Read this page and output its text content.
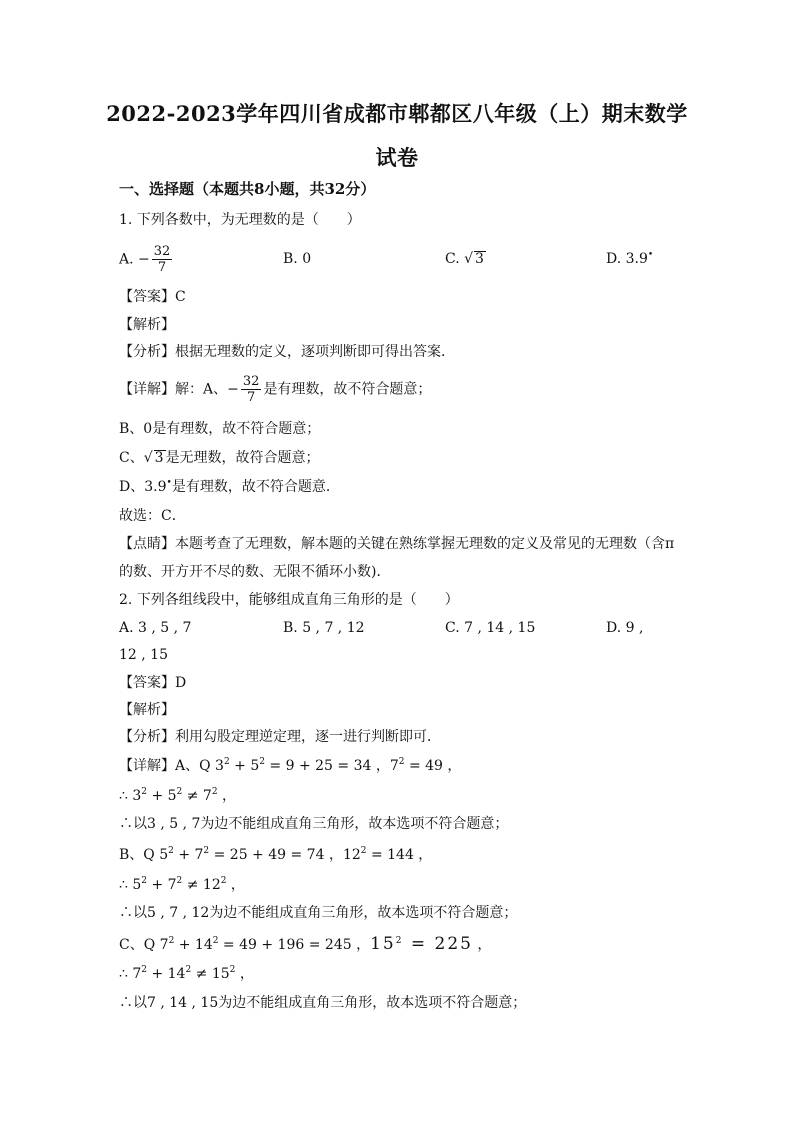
2022-2023学年四川省成都市郫都区八年级（上）期末数学
试卷
一、选择题（本题共8小题，共32分）
1. 下列各数中，为无理数的是（　　）
A. − $\frac{32}{7}$	B. 0	C. √ 3	D. 3.9•
【答案】C
【解析】
【分析】根据无理数的定义，逐项判断即可得出答案．
【详解】解：A、− $\frac{32}{7}$ 是有理数，故不符合题意；
B、0是有理数，故不符合题意；
C、√ 3 是无理数，故符合题意；
D、3.9•是有理数，故不符合题意．
故选：C．
【点睛】本题考查了无理数，解本题的关键在熟练掌握无理数的定义及常见的无理数（含π
的数、开方开不尽的数、无限不循环小数)．
2. 下列各组线段中，能够组成直角三角形的是（　　）
A. 3 , 5 , 7	B. 5 , 7 , 12	C. 7 , 14 , 15	D. 9 ,
12 , 15
【答案】D
【解析】
【分析】利用勾股定理逆定理，逐一进行判断即可．
【详解】A、Q $3^2 + 5^2 = 9 + 25 = 34$ ，$7^2 = 49$ ，
∴ $3^2 + 5^2 \ne 7^2$ ，
∴以3 , 5 , 7为边不能组成直角三角形，故本选项不符合题意；
B、Q $5^2 + 7^2 = 25 + 49 = 74$ ，$12^2 = 144$ ，
∴ $5^2 + 7^2 \ne 12^2$ ，
∴以5 , 7 , 12为边不能组成直角三角形，故本选项不符合题意；
C、Q $7^2 + 14^2 = 49 + 196 = 245$ ，$15^2 = 225$ ，
∴ $7^2 + 14^2 \ne 15^2$ ，
∴以7 , 14 , 15为边不能组成直角三角形，故本选项不符合题意；
